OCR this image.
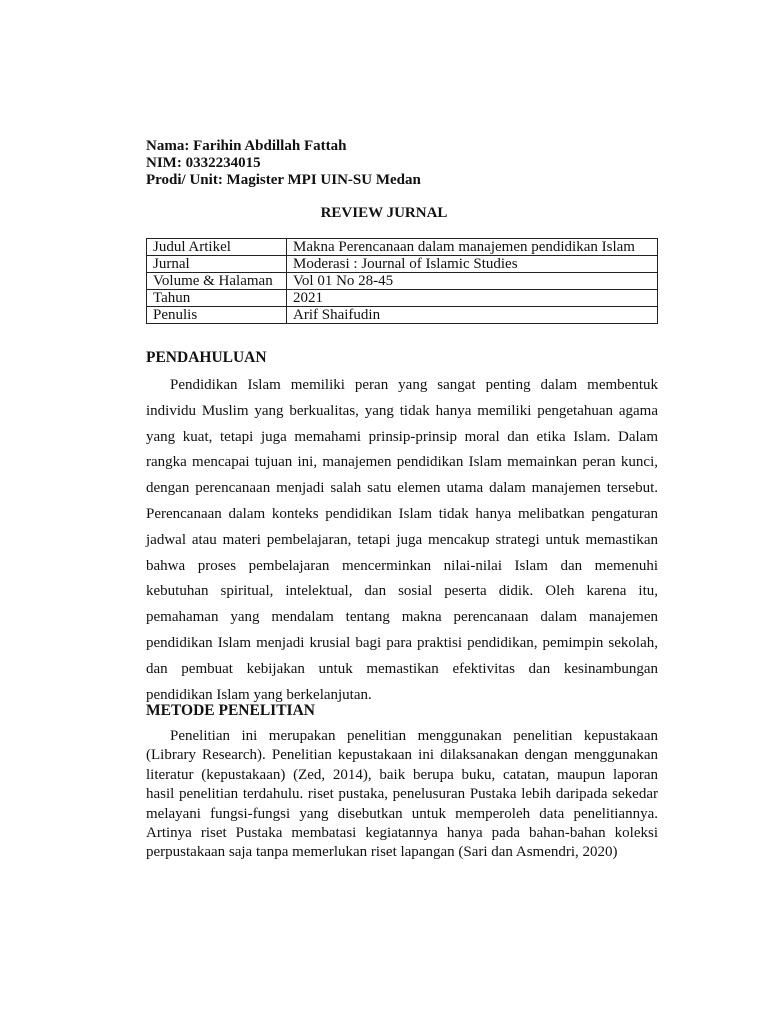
Nama: Farihin Abdillah Fattah
NIM: 0332234015
Prodi/ Unit: Magister MPI UIN-SU Medan
REVIEW JURNAL
Judul Artikel	Makna Perencanaan dalam manajemen pendidikan Islam
Jurnal	Moderasi : Journal of Islamic Studies
Volume & Halaman	Vol 01 No 28-45
Tahun	2021
Penulis	Arif Shaifudin
PENDAHULUAN
Pendidikan Islam memiliki peran yang sangat penting dalam membentuk
individu Muslim yang berkualitas, yang tidak hanya memiliki pengetahuan agama
yang kuat, tetapi juga memahami prinsip-prinsip moral dan etika Islam. Dalam
rangka mencapai tujuan ini, manajemen pendidikan Islam memainkan peran kunci,
dengan perencanaan menjadi salah satu elemen utama dalam manajemen tersebut.
Perencanaan dalam konteks pendidikan Islam tidak hanya melibatkan pengaturan
jadwal atau materi pembelajaran, tetapi juga mencakup strategi untuk memastikan
bahwa proses pembelajaran mencerminkan nilai-nilai Islam dan memenuhi
kebutuhan spiritual, intelektual, dan sosial peserta didik. Oleh karena itu,
pemahaman yang mendalam tentang makna perencanaan dalam manajemen
pendidikan Islam menjadi krusial bagi para praktisi pendidikan, pemimpin sekolah,
dan pembuat kebijakan untuk memastikan efektivitas dan kesinambungan
pendidikan Islam yang berkelanjutan.
METODE PENELITIAN
Penelitian ini merupakan penelitian menggunakan penelitian kepustakaan
(Library Research). Penelitian kepustakaan ini dilaksanakan dengan menggunakan
literatur (kepustakaan) (Zed, 2014), baik berupa buku, catatan, maupun laporan
hasil penelitian terdahulu. riset pustaka, penelusuran Pustaka lebih daripada sekedar
melayani fungsi-fungsi yang disebutkan untuk memperoleh data penelitiannya.
Artinya riset Pustaka membatasi kegiatannya hanya pada bahan-bahan koleksi
perpustakaan saja tanpa memerlukan riset lapangan (Sari dan Asmendri, 2020)
